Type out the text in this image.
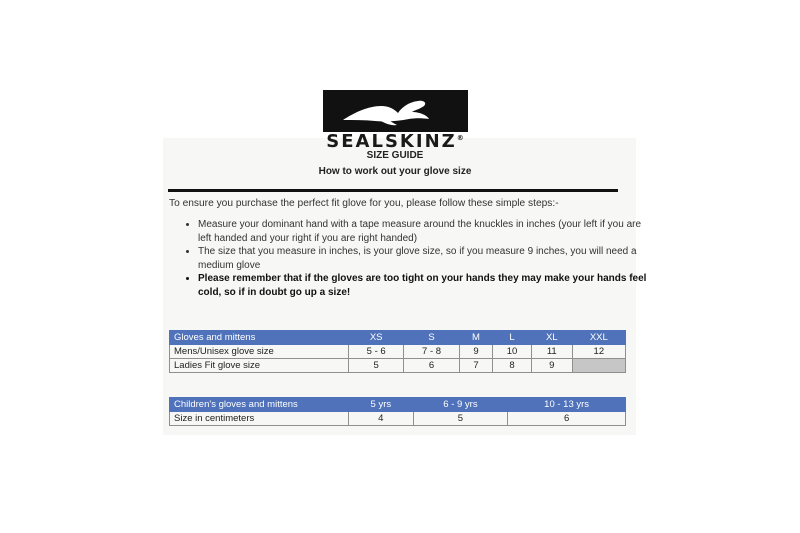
SEALSKINZ®
SIZE GUIDE
How to work out your glove size
To ensure you purchase the perfect fit glove for you, please follow these simple steps:-
• Measure your dominant hand with a tape measure around the knuckles in inches (your left if you are left handed and your right if you are right handed)
• The size that you measure in inches, is your glove size, so if you measure 9 inches, you will need a medium glove
• Please remember that if the gloves are too tight on your hands they may make your hands feel cold, so if in doubt go up a size!
Gloves and mittens	XS	S	M	L	XL	XXL
Mens/Unisex glove size	5 - 6	7 - 8	9	10	11	12
Ladies Fit glove size	5	6	7	8	9	
Children's gloves and mittens	5 yrs	6 - 9 yrs	10 - 13 yrs
Size in centimeters	4	5	6
